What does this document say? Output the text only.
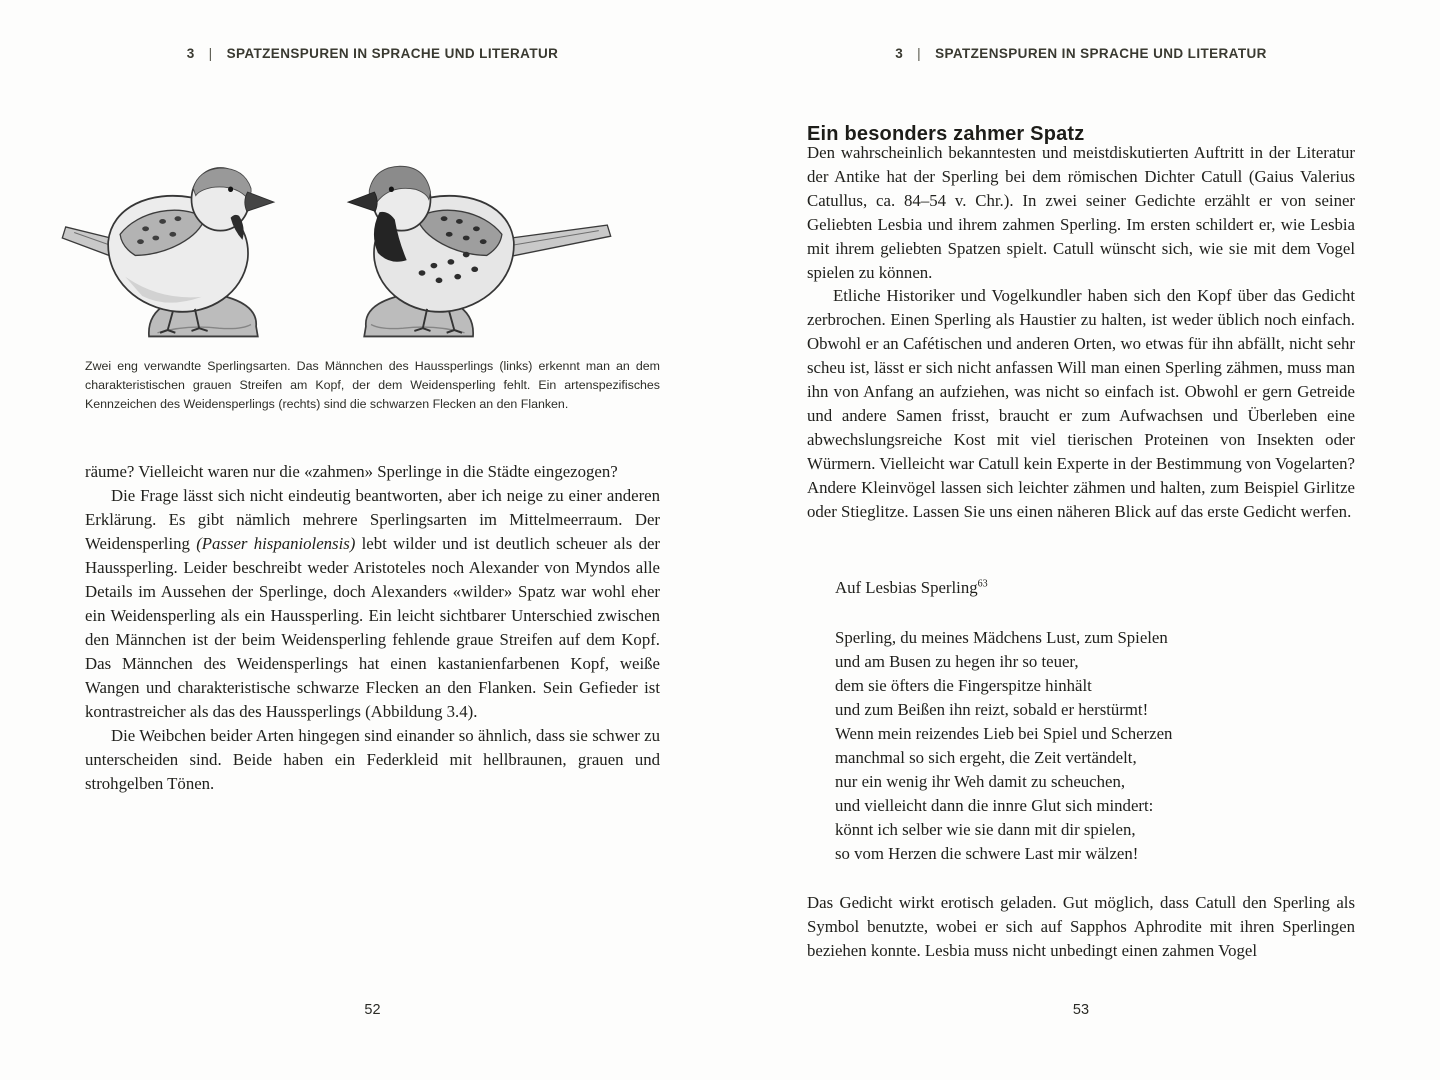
3 | SPATZENSPUREN IN SPRACHE UND LITERATUR	3 | SPATZENSPUREN IN SPRACHE UND LITERATUR
Zwei eng verwandte Sperlingsarten. Das Männchen des Haussperlings (links) erkennt man an dem charakteristischen grauen Streifen am Kopf, der dem Weidensperling fehlt. Ein artenspezifisches Kennzeichen des Weidensperlings (rechts) sind die schwarzen Flecken an den Flanken.

räume? Vielleicht waren nur die «zahmen» Sperlinge in die Städte eingezogen?

Die Frage lässt sich nicht eindeutig beantworten, aber ich neige zu einer anderen Erklärung. Es gibt nämlich mehrere Sperlingsarten im Mittelmeerraum. Der Weidensperling (Passer hispaniolensis) lebt wilder und ist deutlich scheuer als der Haussperling. Leider beschreibt weder Aristoteles noch Alexander von Myndos alle Details im Aussehen der Sperlinge, doch Alexanders «wilder» Spatz war wohl eher ein Weidensperling als ein Haussperling. Ein leicht sichtbarer Unterschied zwischen den Männchen ist der beim Weidensperling fehlende graue Streifen auf dem Kopf. Das Männchen des Weidensperlings hat einen kastanienfarbenen Kopf, weiße Wangen und charakteristische schwarze Flecken an den Flanken. Sein Gefieder ist kontrastreicher als das des Haussperlings (Abbildung 3.4).

Die Weibchen beider Arten hingegen sind einander so ähnlich, dass sie schwer zu unterscheiden sind. Beide haben ein Federkleid mit hellbraunen, grauen und strohgelben Tönen.

Ein besonders zahmer Spatz

Den wahrscheinlich bekanntesten und meistdiskutierten Auftritt in der Literatur der Antike hat der Sperling bei dem römischen Dichter Catull (Gaius Valerius Catullus, ca. 84–54 v. Chr.). In zwei seiner Gedichte erzählt er von seiner Geliebten Lesbia und ihrem zahmen Sperling. Im ersten schildert er, wie Lesbia mit ihrem geliebten Spatzen spielt. Catull wünscht sich, wie sie mit dem Vogel spielen zu können.

Etliche Historiker und Vogelkundler haben sich den Kopf über das Gedicht zerbrochen. Einen Sperling als Haustier zu halten, ist weder üblich noch einfach. Obwohl er an Cafétischen und anderen Orten, wo etwas für ihn abfällt, nicht sehr scheu ist, lässt er sich nicht anfassen Will man einen Sperling zähmen, muss man ihn von Anfang an aufziehen, was nicht so einfach ist. Obwohl er gern Getreide und andere Samen frisst, braucht er zum Aufwachsen und Überleben eine abwechslungsreiche Kost mit viel tierischen Proteinen von Insekten oder Würmern. Vielleicht war Catull kein Experte in der Bestimmung von Vogelarten? Andere Kleinvögel lassen sich leichter zähmen und halten, zum Beispiel Girlitze oder Stieglitze. Lassen Sie uns einen näheren Blick auf das erste Gedicht werfen.

Auf Lesbias Sperling$^{63}$
Sperling, du meines Mädchens Lust, zum Spielen
und am Busen zu hegen ihr so teuer,
dem sie öfters die Fingerspitze hinhält
und zum Beißen ihn reizt, sobald er herstürmt!
Wenn mein reizendes Lieb bei Spiel und Scherzen
manchmal so sich ergeht, die Zeit vertändelt,
nur ein wenig ihr Weh damit zu scheuchen,
und vielleicht dann die innre Glut sich mindert:
könnt ich selber wie sie dann mit dir spielen,
so vom Herzen die schwere Last mir wälzen!

Das Gedicht wirkt erotisch geladen. Gut möglich, dass Catull den Sperling als Symbol benutzte, wobei er sich auf Sapphos Aphrodite mit ihren Sperlingen beziehen konnte. Lesbia muss nicht unbedingt einen zahmen Vogel

52	53
